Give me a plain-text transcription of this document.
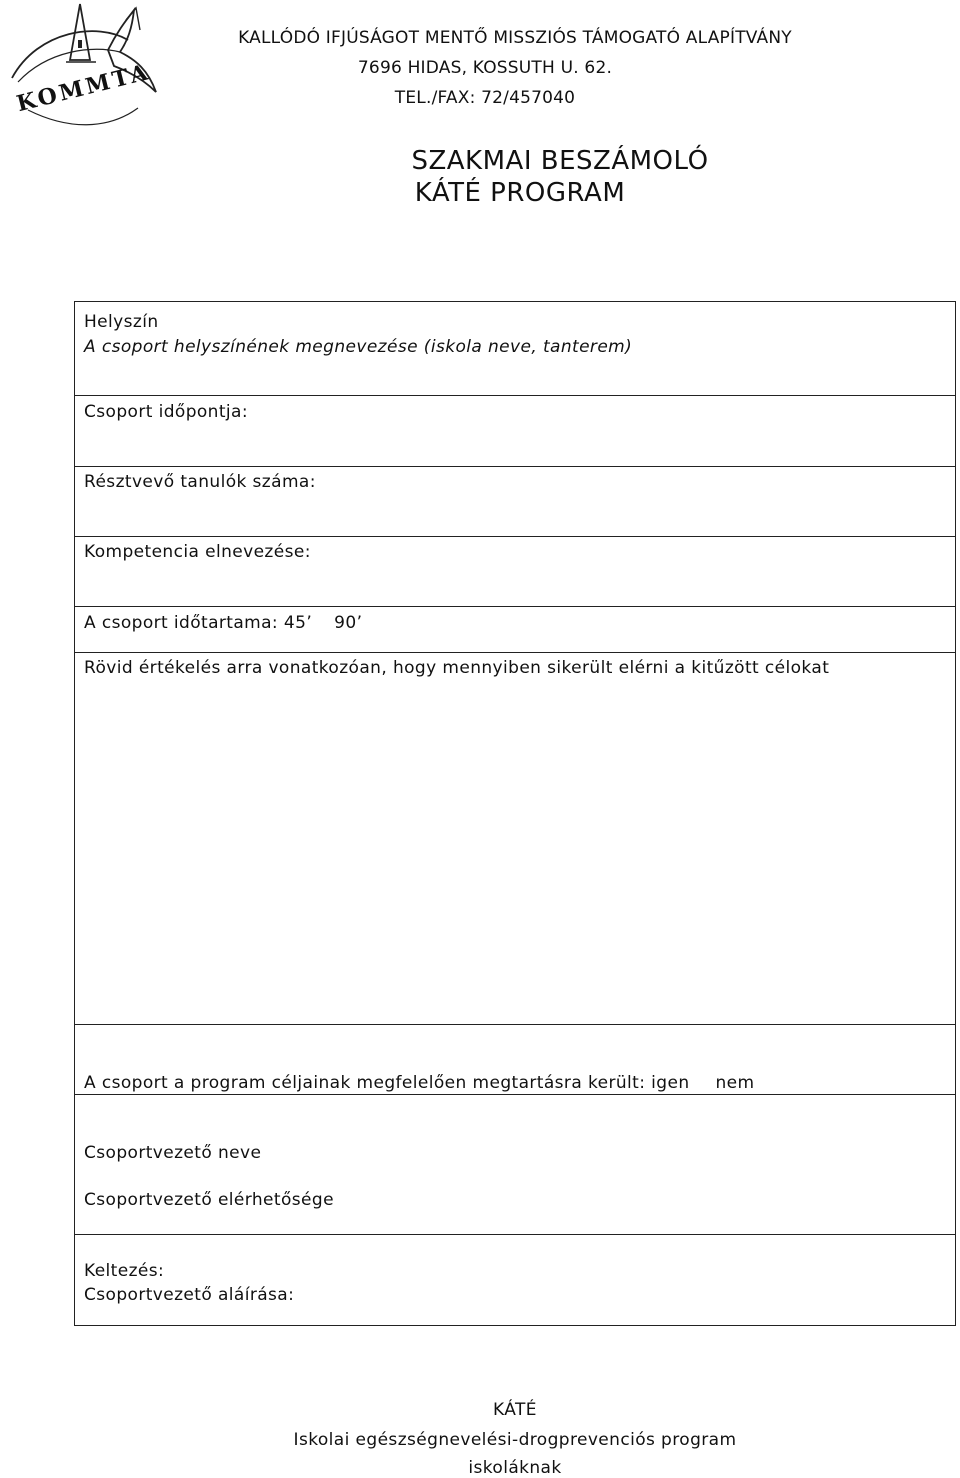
KOMMTA
KALLÓDÓ IFJÚSÁGOT MENTŐ MISSZIÓS TÁMOGATÓ ALAPÍTVÁNY
7696 HIDAS, KOSSUTH U. 62.
TEL./FAX: 72/457040
SZAKMAI BESZÁMOLÓ
KÁTÉ PROGRAM
Helyszín
A csoport helyszínének megnevezése (iskola neve, tanterem)
Csoport időpontja:
Résztvevő tanulók száma:
Kompetencia elnevezése:
A csoport időtartama: 45’ 90’
Rövid értékelés arra vonatkozóan, hogy mennyiben sikerült elérni a kitűzött célokat
A csoport a program céljainak megfelelően megtartásra került: igen nem
Csoportvezető neve
Csoportvezető elérhetősége
Keltezés:
Csoportvezető aláírása:
KÁTÉ
Iskolai egészségnevelési-drogprevenciós program
iskoláknak
